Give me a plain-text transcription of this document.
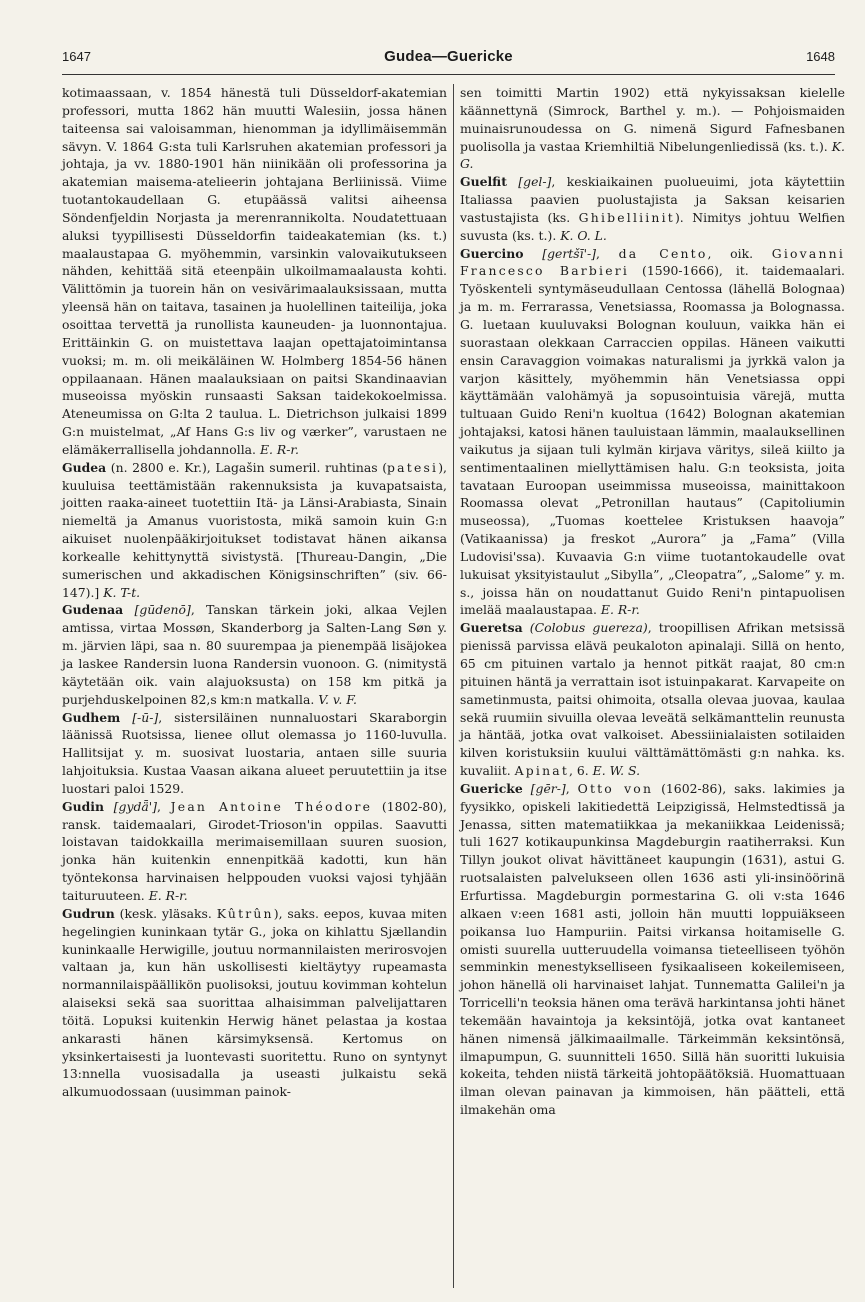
1647	Gudea—Guericke	1648

kotimaassaan, v. 1854 hänestä tuli Düsseldorf-akatemian professori, mutta 1862 hän muutti Walesiin, jossa hänen taiteensa sai valoisamman, hienomman ja idyllimäisemmän sävyn. V. 1864 G:sta tuli Karlsruhen akatemian professori ja johtaja, ja vv. 1880-1901 hän niinikään oli professorina ja akatemian maisema-atelieerin johtajana Berliinissä. Viime tuotantokaudellaan G. etupäässä valitsi aiheensa Söndenfjeldin Norjasta ja merenrannikolta. Noudatettuaan aluksi tyypillisesti Düsseldorfin taideakatemian (ks. t.) maalaustapaa G. myöhemmin, varsinkin valovaikutukseen nähden, kehittää sitä eteenpäin ulkoilmamaalausta kohti. Välittömin ja tuorein hän on vesivärimaalauksissaan, mutta yleensä hän on taitava, tasainen ja huolellinen taiteilija, joka osoittaa tervettä ja runollista kauneuden- ja luonnontajua. Erittäinkin G. on muistettava laajan opettajatoimintansa vuoksi; m. m. oli meikäläinen W. Holmberg 1854-56 hänen oppilaanaan. Hänen maalauksiaan on paitsi Skandinaavian museoissa myöskin runsaasti Saksan taidekokoelmissa. Ateneumissa on G:lta 2 taulua. L. Dietrichson julkaisi 1899 G:n muistelmat, „Af Hans G:s liv og værker”, varustaen ne elämäkerrallisella johdannolla. E. R-r.

Gudea (n. 2800 e. Kr.), Lagašin sumeril. ruhtinas (patesi), kuuluisa teettämistään rakennuksista ja kuvapatsaista, joitten raaka-aineet tuotettiin Itä- ja Länsi-Arabiasta, Sinain niemeltä ja Amanus vuoristosta, mikä samoin kuin G:n aikuiset nuolenpääkirjoitukset todistavat hänen aikansa korkealle kehittynyttä sivistystä. [Thureau-Dangin, „Die sumerischen und akkadischen Königsinschriften” (siv. 66-147).] K. T-t.

Gudenaa [gūdenō], Tanskan tärkein joki, alkaa Vejlen amtissa, virtaa Mossøn, Skanderborg ja Salten-Lang Søn y. m. järvien läpi, saa n. 80 suurempaa ja pienempää lisäjokea ja laskee Randersin luona Randersin vuonoon. G. (nimitystä käytetään oik. vain alajuoksusta) on 158 km pitkä ja purjehduskelpoinen 82,s km:n matkalla. V. v. F.

Gudhem [-ū-], sistersiläinen nunnaluostari Skaraborgin läänissä Ruotsissa, lienee ollut olemassa jo 1160-luvulla. Hallitsijat y. m. suosivat luostaria, antaen sille suuria lahjoituksia. Kustaa Vaasan aikana alueet peruutettiin ja itse luostari paloi 1529.

Gudin [gydǟ'], Jean Antoine Théodore (1802-80), ransk. taidemaalari, Girodet-Trioson'in oppilas. Saavutti loistavan taidokkailla merimaisemillaan suuren suosion, jonka hän kuitenkin ennenpitkää kadotti, kun hän työntekonsa harvinaisen helppouden vuoksi vajosi tyhjään taituruuteen. E. R-r.

Gudrun (kesk. yläsaks. Kûtrûn), saks. eepos, kuvaa miten hegelingien kuninkaan tytär G., joka on kihlattu Sjællandin kuninkaalle Herwigille, joutuu normannilaisten merirosvojen valtaan ja, kun hän uskollisesti kieltäytyy rupeamasta normannilaispäällikön puolisoksi, joutuu kovimman kohtelun alaiseksi sekä saa suorittaa alhaisimman palvelijattaren töitä. Lopuksi kuitenkin Herwig hänet pelastaa ja kostaa ankarasti hänen kärsimyksensä. Kertomus on yksinkertaisesti ja luontevasti suoritettu. Runo on syntynyt 13:nnella vuosisadalla ja useasti julkaistu sekä alkumuodossaan (uusimman painok-

sen toimitti Martin 1902) että nykyissaksan kielelle käännettynä (Simrock, Barthel y. m.). — Pohjoismaiden muinaisrunoudessa on G. nimenä Sigurd Fafnesbanen puolisolla ja vastaa Kriemhiltiä Nibelungenliedissä (ks. t.). K. G.

Guelfit [gel-], keskiaikainen puolueuimi, jota käytettiin Italiassa paavien puolustajista ja Saksan keisarien vastustajista (ks. Ghibelliinit). Nimitys johtuu Welfien suvusta (ks. t.). K. O. L.

Guercino [gertšī'-], da Cento, oik. Giovanni Francesco Barbieri (1590-1666), it. taidemaalari. Työskenteli syntymäseudullaan Centossa (lähellä Bolognaa) ja m. m. Ferrarassa, Venetsiassa, Roomassa ja Bolognassa. G. luetaan kuuluvaksi Bolognan kouluun, vaikka hän ei suorastaan olekkaan Carraccien oppilas. Häneen vaikutti ensin Caravaggion voimakas naturalismi ja jyrkkä valon ja varjon käsittely, myöhemmin hän Venetsiassa oppi käyttämään valohämyä ja sopusointuisia värejä, mutta tultuaan Guido Reni'n kuoltua (1642) Bolognan akatemian johtajaksi, katosi hänen tauluistaan lämmin, maalauksellinen vaikutus ja sijaan tuli kylmän kirjava väritys, sileä kiilto ja sentimentaalinen miellyttämisen halu. G:n teoksista, joita tavataan Euroopan useimmissa museoissa, mainittakoon Roomassa olevat „Petronillan hautaus” (Capitoliumin museossa), „Tuomas koettelee Kristuksen haavoja” (Vatikaanissa) ja freskot „Aurora” ja „Fama” (Villa Ludovisi'ssa). Kuvaavia G:n viime tuotantokaudelle ovat lukuisat yksityistaulut „Sibylla”, „Cleopatra”, „Salome” y. m. s., joissa hän on noudattanut Guido Reni'n pintapuolisen imelää maalaustapaa. E. R-r.

Gueretsa (Colobus guereza), troopillisen Afrikan metsissä pienissä parvissa elävä peukaloton apinalaji. Sillä on hento, 65 cm pituinen vartalo ja hennot pitkät raajat, 80 cm:n pituinen häntä ja verrattain isot istuinpakarat. Karvapeite on sametinmusta, paitsi ohimoita, otsalla olevaa juovaa, kaulaa sekä ruumiin sivuilla olevaa leveätä selkämanttelin reunusta ja häntää, jotka ovat valkoiset. Abessiinialaisten sotilaiden kilven koristuksiin kuului välttämättömästi g:n nahka. ks. kuvaliit. Apinat, 6. E. W. S.

Guericke [gēr-], Otto von (1602-86), saks. lakimies ja fyysikko, opiskeli lakitiedettä Leipzigissä, Helmstedtissä ja Jenassa, sitten matematiikkaa ja mekaniikkaa Leidenissä; tuli 1627 kotikaupunkinsa Magdeburgin raatiherraksi. Kun Tillyn joukot olivat hävittäneet kaupungin (1631), astui G. ruotsalaisten palvelukseen ollen 1636 asti yli-insinöörinä Erfurtissa. Magdeburgin pormestarina G. oli v:sta 1646 alkaen v:een 1681 asti, jolloin hän muutti loppuiäkseen poikansa luo Hampuriin. Paitsi virkansa hoitamiselle G. omisti suurella uutteruudella voimansa tieteelliseen työhön semminkin menestykselliseen fysikaaliseen kokeilemiseen, johon hänellä oli harvinaiset lahjat. Tunnematta Galilei'n ja Torricelli'n teoksia hänen oma terävä harkintansa johti hänet tekemään havaintoja ja keksintöjä, jotka ovat kantaneet hänen nimensä jälkimaailmalle. Tärkeimmän keksintönsä, ilmapumpun, G. suunnitteli 1650. Sillä hän suoritti lukuisia kokeita, tehden niistä tärkeitä johtopäätöksiä. Huomattuaan ilman olevan painavan ja kimmoisen, hän päätteli, että ilmakehän oma
